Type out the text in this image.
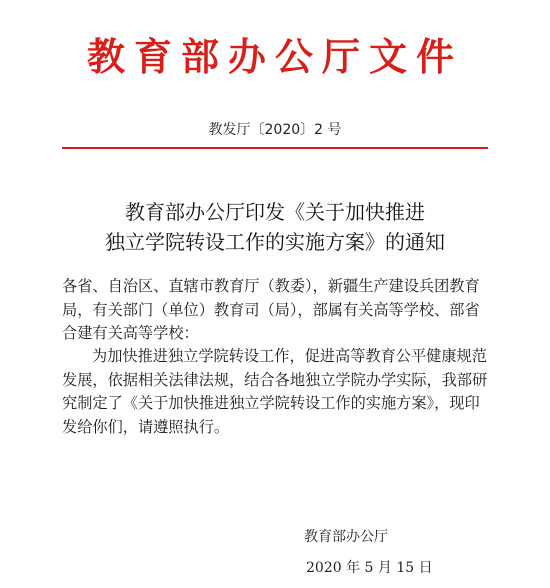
教育部办公厅文件
教发厅〔2020〕2 号
教育部办公厅印发《关于加快推进
独立学院转设工作的实施方案》的通知
各省、自治区、直辖市教育厅（教委），新疆生产建设兵团教育局，有关部门（单位）教育司（局），部属有关高等学校、部省合建有关高等学校：
为加快推进独立学院转设工作，促进高等教育公平健康规范发展，依据相关法律法规，结合各地独立学院办学实际，我部研究制定了《关于加快推进独立学院转设工作的实施方案》，现印发给你们，请遵照执行。
教育部办公厅
2020 年 5 月 15 日
